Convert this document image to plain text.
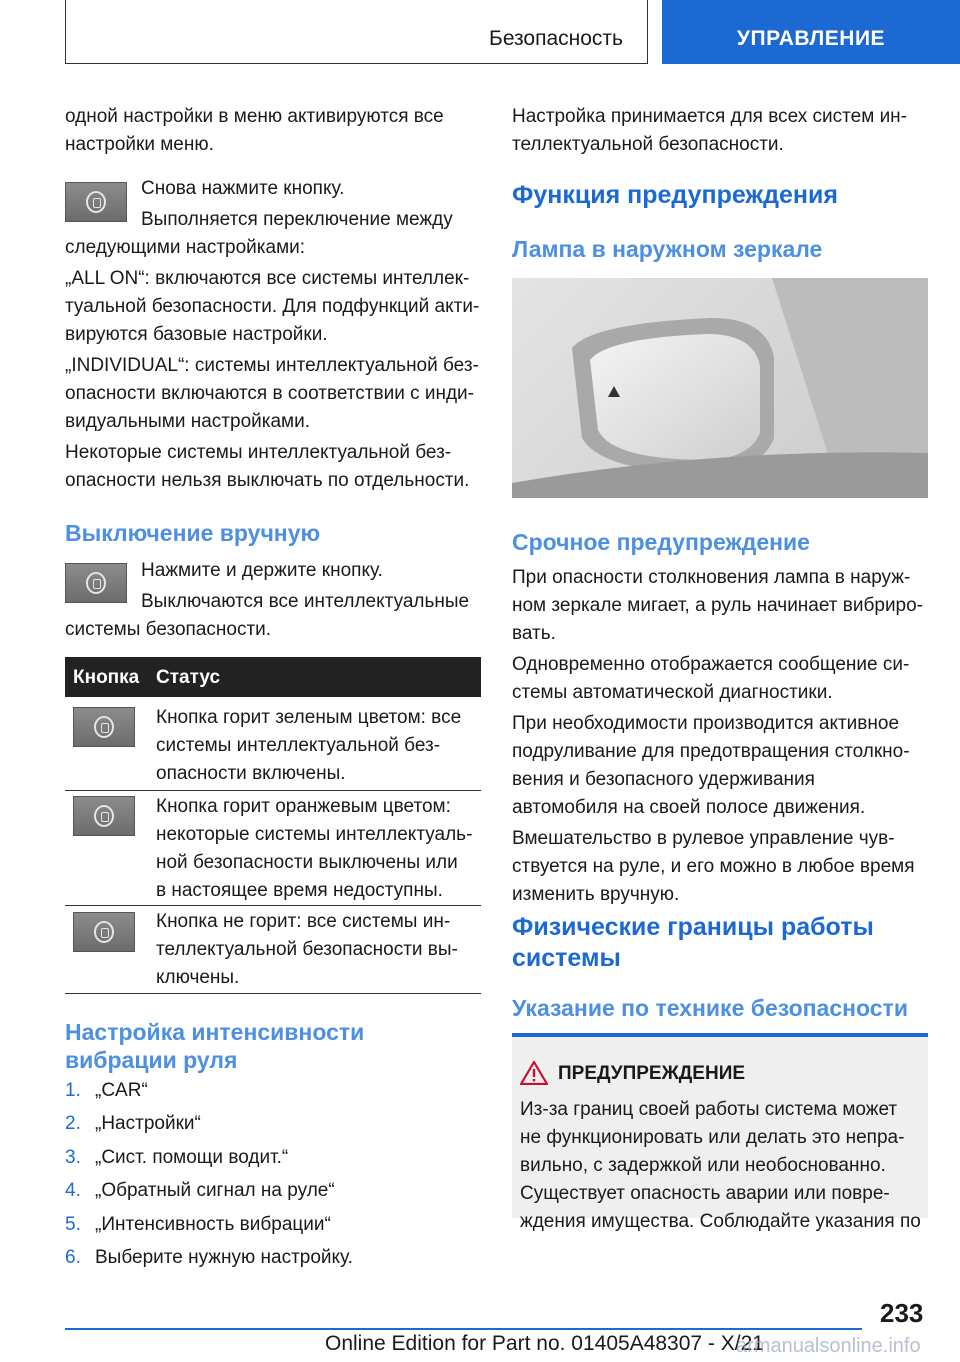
Безопасность	УПРАВЛЕНИЕ

одной настройки в меню активируются все

настройки меню.

Снова нажмите кнопку.

Выполняется переключение между

следующими настройками:

„ALL ON“: включаются все системы интеллек-

туальной безопасности. Для подфункций акти-

вируются базовые настройки.

„INDIVIDUAL“: системы интеллектуальной без-

опасности включаются в соответствии с инди-

видуальными настройками.

Некоторые системы интеллектуальной без-

опасности нельзя выключать по отдельности.

Выключение вручную

Нажмите и держите кнопку.

Выключаются все интеллектуальные

системы безопасности.

Кнопка Статус

Кнопка горит зеленым цветом: все

системы интеллектуальной без-

опасности включены.

Кнопка горит оранжевым цветом:

некоторые системы интеллектуаль-

ной безопасности выключены или

в настоящее время недоступны.

Кнопка не горит: все системы ин-

теллектуальной безопасности вы-

ключены.

Настройка интенсивности
вибрации руля
1. „CAR“
2. „Настройки“
3. „Сист. помощи водит.“
4. „Обратный сигнал на руле“
5. „Интенсивность вибрации“
6. Выберите нужную настройку.

Настройка принимается для всех систем ин-

теллектуальной безопасности.

Функция предупреждения
Лампа в наружном зеркале
Срочное предупреждение

При опасности столкновения лампа в наруж-

ном зеркале мигает, а руль начинает вибриро-

вать.

Одновременно отображается сообщение си-

стемы автоматической диагностики.

При необходимости производится активное

подруливание для предотвращения столкно-

вения и безопасного удерживания

автомобиля на своей полосе движения.

Вмешательство в рулевое управление чув-

ствуется на руле, и его можно в любое время

изменить вручную.

Физические границы работы
системы
Указание по технике безопасности
ПРЕДУПРЕЖДЕНИЕ

Из-за границ своей работы система может

не функционировать или делать это непра-

вильно, с задержкой или необоснованно.

Существует опасность аварии или повре-

ждения имущества. Соблюдайте указания по

233
Online Edition for Part no. 01405A48307 - X/21
armanualsonline.info
